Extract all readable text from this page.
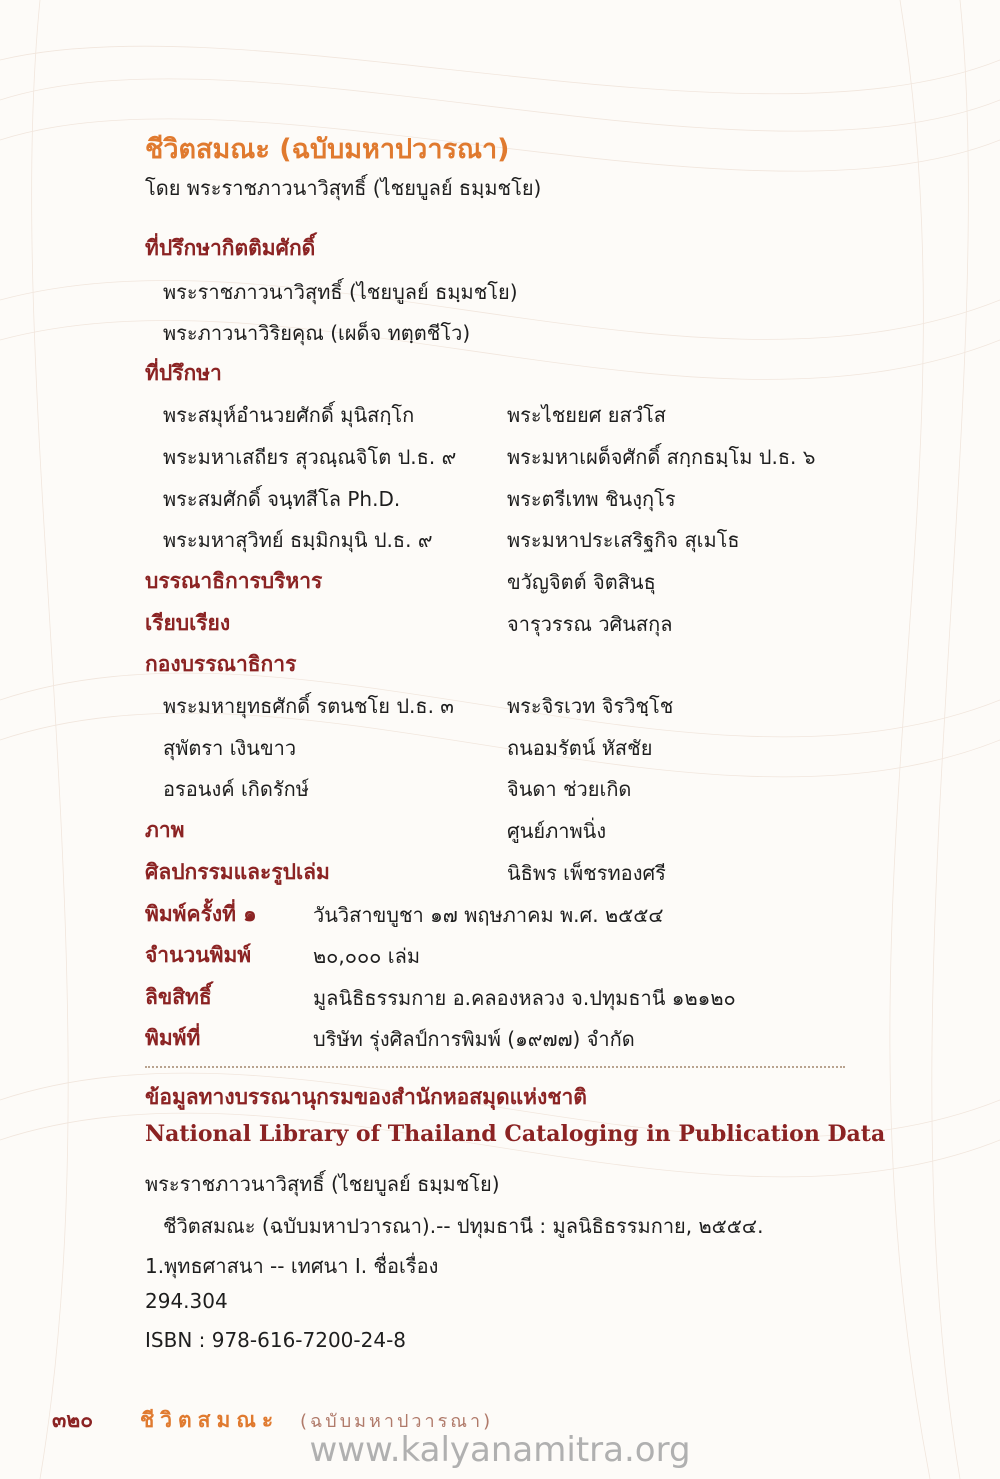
ชีวิตสมณะ (ฉบับมหาปวารณา)
โดย พระราชภาวนาวิสุทธิ์ (ไชยบูลย์ ธมฺมชโย)
ที่ปรึกษากิตติมศักดิ์
พระราชภาวนาวิสุทธิ์ (ไชยบูลย์ ธมฺมชโย)
พระภาวนาวิริยคุณ (เผด็จ ทตฺตชีโว)
ที่ปรึกษา
พระสมุห์อำนวยศักดิ์ มุนิสกฺโก	พระไชยยศ ยสวํโส
พระมหาเสถียร สุวณฺณจิโต ป.ธ. ๙	พระมหาเผด็จศักดิ์ สกฺกธมฺโม ป.ธ. ๖
พระสมศักดิ์ จนฺทสีโล Ph.D.	พระตรีเทพ ชินงฺกุโร
พระมหาสุวิทย์ ธมฺมิกมุนิ ป.ธ. ๙	พระมหาประเสริฐกิจ สุเมโธ
บรรณาธิการบริหาร	ขวัญจิตต์ จิตสินธุ
เรียบเรียง	จารุวรรณ วศินสกุล
กองบรรณาธิการ
พระมหายุทธศักดิ์ รตนชโย ป.ธ. ๓	พระจิรเวท จิรวิชฺโช
สุพัตรา เงินขาว	ถนอมรัตน์ หัสชัย
อรอนงค์ เกิดรักษ์	จินดา ช่วยเกิด
ภาพ	ศูนย์ภาพนิ่ง
ศิลปกรรมและรูปเล่ม	นิธิพร เพ็ชรทองศรี
พิมพ์ครั้งที่ ๑	วันวิสาขบูชา ๑๗ พฤษภาคม พ.ศ. ๒๕๕๔
จำนวนพิมพ์	๒๐,๐๐๐ เล่ม
ลิขสิทธิ์	มูลนิธิธรรมกาย อ.คลองหลวง จ.ปทุมธานี ๑๒๑๒๐
พิมพ์ที่	บริษัท รุ่งศิลป์การพิมพ์ (๑๙๗๗) จำกัด
ข้อมูลทางบรรณานุกรมของสำนักหอสมุดแห่งชาติ
National Library of Thailand Cataloging in Publication Data
พระราชภาวนาวิสุทธิ์ (ไชยบูลย์ ธมฺมชโย)
ชีวิตสมณะ (ฉบับมหาปวารณา).-- ปทุมธานี : มูลนิธิธรรมกาย, ๒๕๕๔.
1.พุทธศาสนา -- เทศนา I. ชื่อเรื่อง
294.304
ISBN : 978-616-7200-24-8
๓๒๐ ชีวิตสมณะ (ฉบับมหาปวารณา)
www.kalyanamitra.org
